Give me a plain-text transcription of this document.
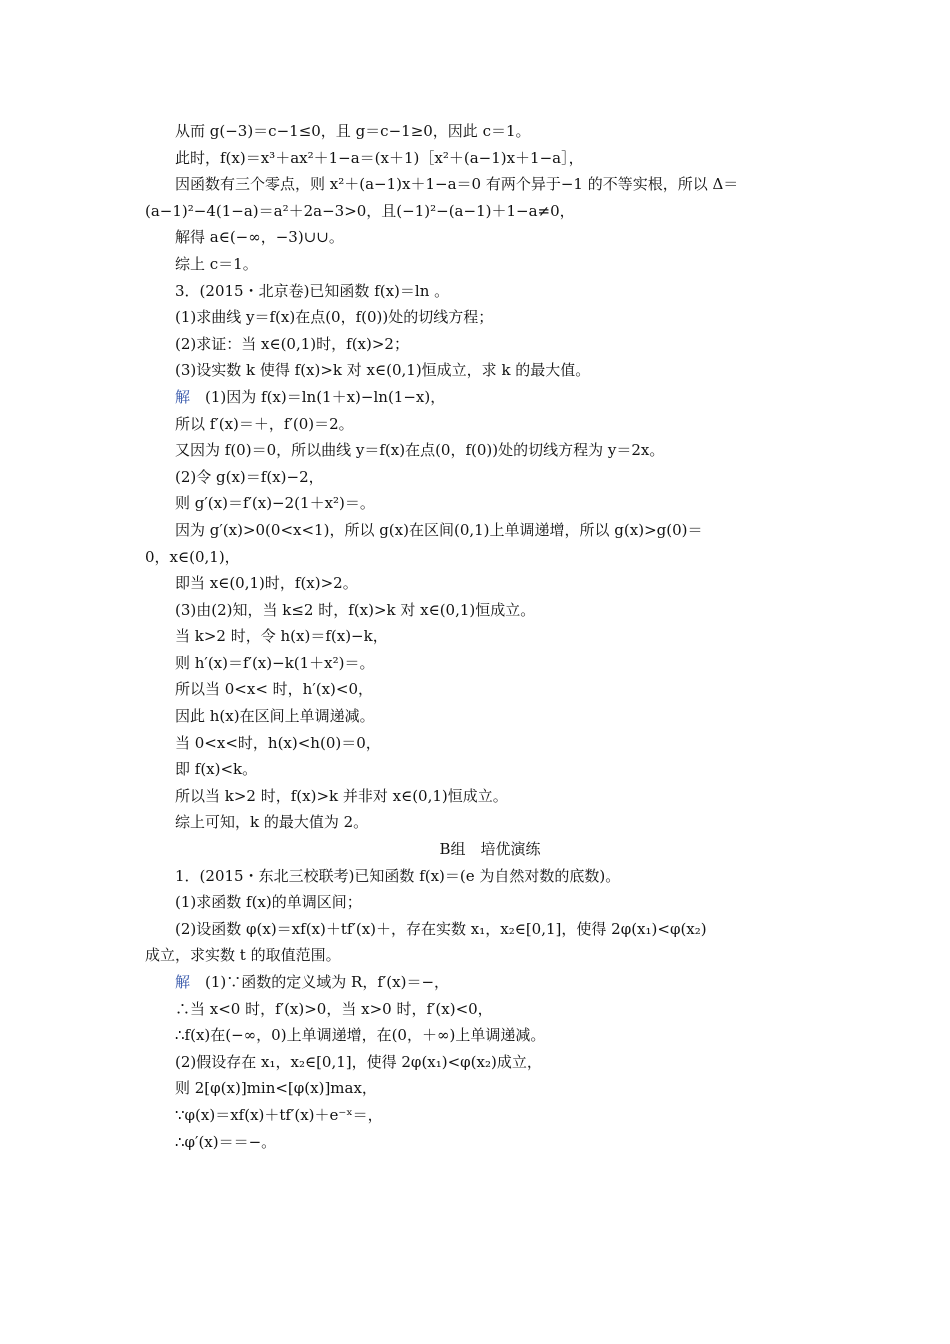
从而 g(−3)＝c−1≤0，且 g＝c−1≥0，因此 c＝1。
此时，f(x)＝x³＋ax²＋1−a＝(x＋1)［x²＋(a−1)x＋1−a］，
因函数有三个零点，则 x²＋(a−1)x＋1−a＝0 有两个异于−1 的不等实根，所以 Δ＝
(a−1)²−4(1−a)＝a²＋2a−3>0，且(−1)²−(a−1)＋1−a≠0，
解得 a∈(−∞，−3)∪∪。
综上 c＝1。
3．(2015・北京卷)已知函数 f(x)＝ln 。
(1)求曲线 y＝f(x)在点(0，f(0))处的切线方程；
(2)求证：当 x∈(0,1)时，f(x)>2；
(3)设实数 k 使得 f(x)>k 对 x∈(0,1)恒成立，求 k 的最大值。
解　(1)因为 f(x)＝ln(1＋x)−ln(1−x)，
所以 f′(x)＝＋，f′(0)＝2。
又因为 f(0)＝0，所以曲线 y＝f(x)在点(0，f(0))处的切线方程为 y＝2x。
(2)令 g(x)＝f(x)−2，
则 g′(x)＝f′(x)−2(1＋x²)＝。
因为 g′(x)>0(0<x<1)，所以 g(x)在区间(0,1)上单调递增，所以 g(x)>g(0)＝
0，x∈(0,1)，
即当 x∈(0,1)时，f(x)>2。
(3)由(2)知，当 k≤2 时，f(x)>k 对 x∈(0,1)恒成立。
当 k>2 时，令 h(x)＝f(x)−k，
则 h′(x)＝f′(x)−k(1＋x²)＝。
所以当 0<x< 时，h′(x)<0，
因此 h(x)在区间上单调递减。
当 0<x<时，h(x)<h(0)＝0，
即 f(x)<k。
所以当 k>2 时，f(x)>k 并非对 x∈(0,1)恒成立。
综上可知，k 的最大值为 2。
B组　培优演练
1．(2015・东北三校联考)已知函数 f(x)＝(e 为自然对数的底数)。
(1)求函数 f(x)的单调区间；
(2)设函数 φ(x)＝xf(x)＋tf′(x)＋，存在实数 x₁，x₂∈[0,1]，使得 2φ(x₁)<φ(x₂)
成立，求实数 t 的取值范围。
解　(1)∵函数的定义域为 R，f′(x)＝−，
∴当 x<0 时，f′(x)>0，当 x>0 时，f′(x)<0，
∴f(x)在(−∞，0)上单调递增，在(0，＋∞)上单调递减。
(2)假设存在 x₁，x₂∈[0,1]，使得 2φ(x₁)<φ(x₂)成立，
则 2[φ(x)]min<[φ(x)]max，
∵φ(x)＝xf(x)＋tf′(x)＋e⁻ˣ＝，
∴φ′(x)＝＝−。
